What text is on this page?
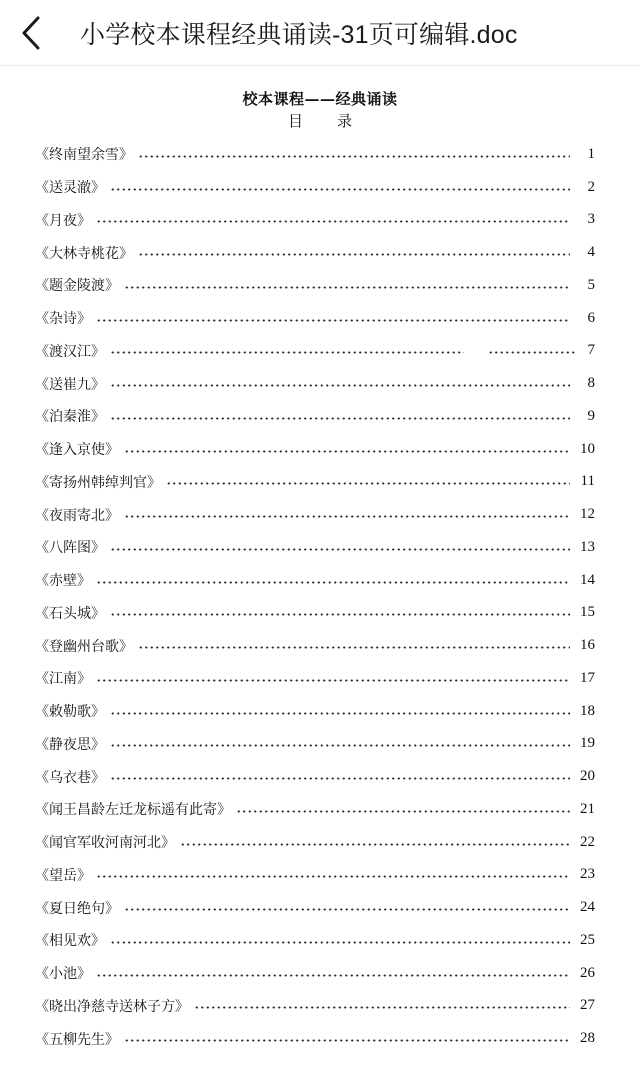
小学校本课程经典诵读-31页可编辑.doc
校本课程——经典诵读
目 录
《终南望余雪》	1
《送灵澈》	2
《月夜》	3
《大林寺桃花》	4
《题金陵渡》	5
《杂诗》	6
《渡汉江》	7
《送崔九》	8
《泊秦淮》	9
《逢入京使》	10
《寄扬州韩绰判官》	11
《夜雨寄北》	12
《八阵图》	13
《赤壁》	14
《石头城》	15
《登幽州台歌》	16
《江南》	17
《敕勒歌》	18
《静夜思》	19
《乌衣巷》	20
《闻王昌龄左迁龙标遥有此寄》	21
《闻官军收河南河北》	22
《望岳》	23
《夏日绝句》	24
《相见欢》	25
《小池》	26
《晓出净慈寺送林子方》	27
《五柳先生》	28
